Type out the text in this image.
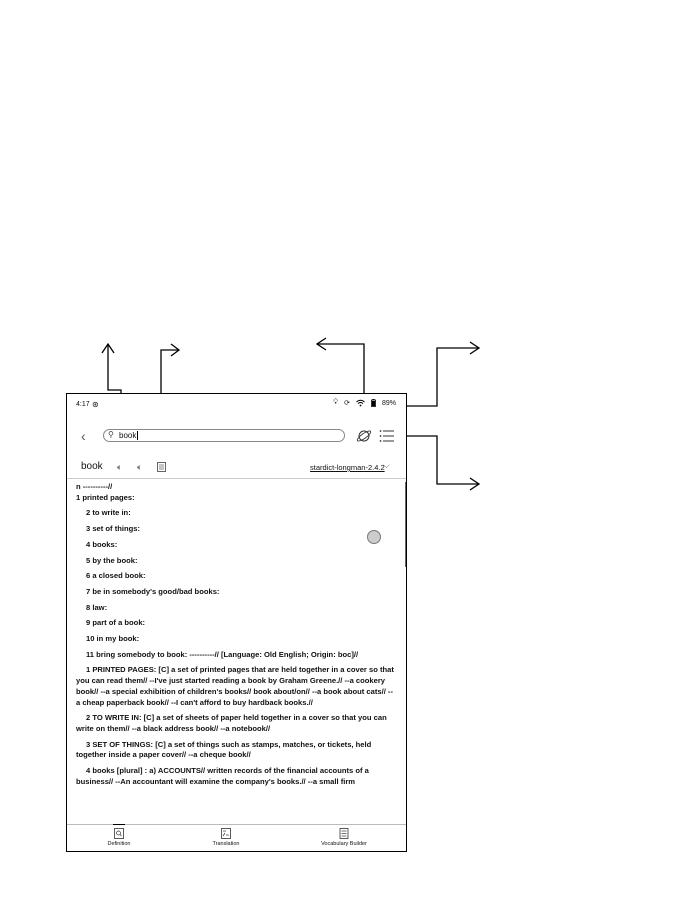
4:17 ⊛	💡︎ ⟳	89%
‹	⚲ book
book 🔈︎ 🔈︎	stardict-longman-2.4.2
⌵
n ----------//
1 printed pages:
2 to write in:
3 set of things:
4 books:
5 by the book:
6 a closed book:
7 be in somebody's good/bad books:
8 law:
9 part of a book:
10 in my book:
11 bring somebody to book: ----------// [Language: Old English; Origin: boc]//
1 PRINTED PAGES: [C] a set of printed pages that are held together in a cover so that you can read them// --I've just started reading a book by Graham Greene.// --a cookery book// --a special exhibition of children's books// book about/on// --a book about cats// --a cheap paperback book// --I can't afford to buy hardback books.//
2 TO WRITE IN: [C] a set of sheets of paper held together in a cover so that you can write on them// --a black address book// --a notebook//
3 SET OF THINGS: [C] a set of things such as stamps, matches, or tickets, held together inside a paper cover// --a cheque book//
4 books [plural] : a) ACCOUNTS// written records of the financial accounts of a business// --An accountant will examine the company's books.// --a small firm
Definition	Translation	Vocabulary Builder
